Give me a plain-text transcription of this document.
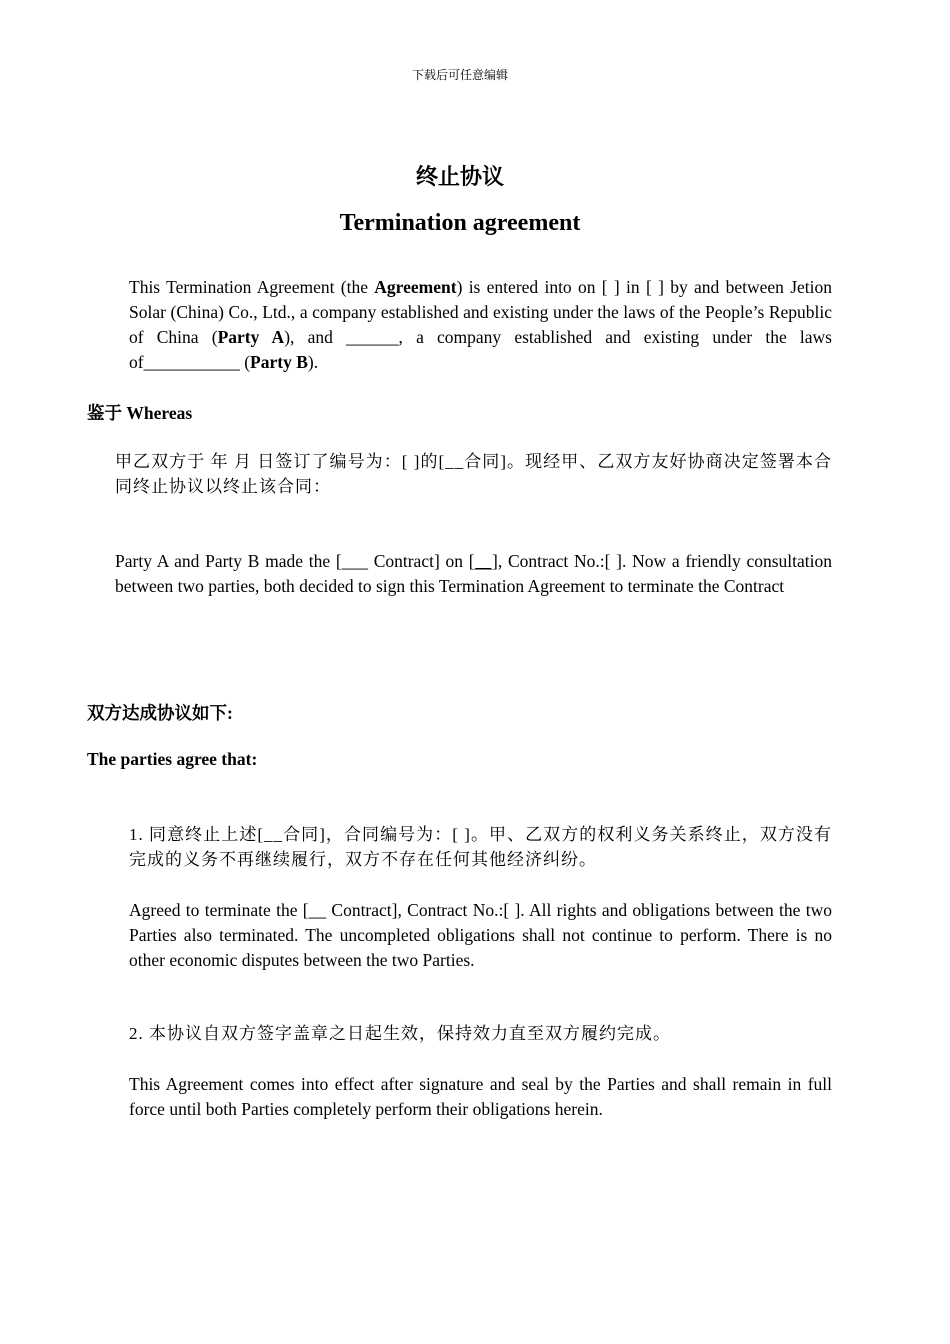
下载后可任意编辑
终止协议
Termination agreement
This Termination Agreement (the Agreement) is entered into on [ ] in [ ] by and between Jetion Solar (China) Co., Ltd., a company established and existing under the laws of the People’s Republic of China (Party A), and ______, a company established and existing under the laws of___________ (Party B).
鉴于 Whereas
甲乙双方于 年 月 日签订了编号为：[ ]的[__合同]。现经甲、乙双方友好协商决定签署本合同终止协议以终止该合同：
Party A and Party B made the [___ Contract] on [__], Contract No.:[ ]. Now a friendly consultation between two parties, both decided to sign this Termination Agreement to terminate the Contract
双方达成协议如下:
The parties agree that:
1. 同意终止上述[__合同]，合同编号为：[ ]。甲、乙双方的权利义务关系终止，双方没有完成的义务不再继续履行，双方不存在任何其他经济纠纷。
Agreed to terminate the [__ Contract], Contract No.:[ ]. All rights and obligations between the two Parties also terminated. The uncompleted obligations shall not continue to perform. There is no other economic disputes between the two Parties.
2. 本协议自双方签字盖章之日起生效，保持效力直至双方履约完成。
This Agreement comes into effect after signature and seal by the Parties and shall remain in full force until both Parties completely perform their obligations herein.
